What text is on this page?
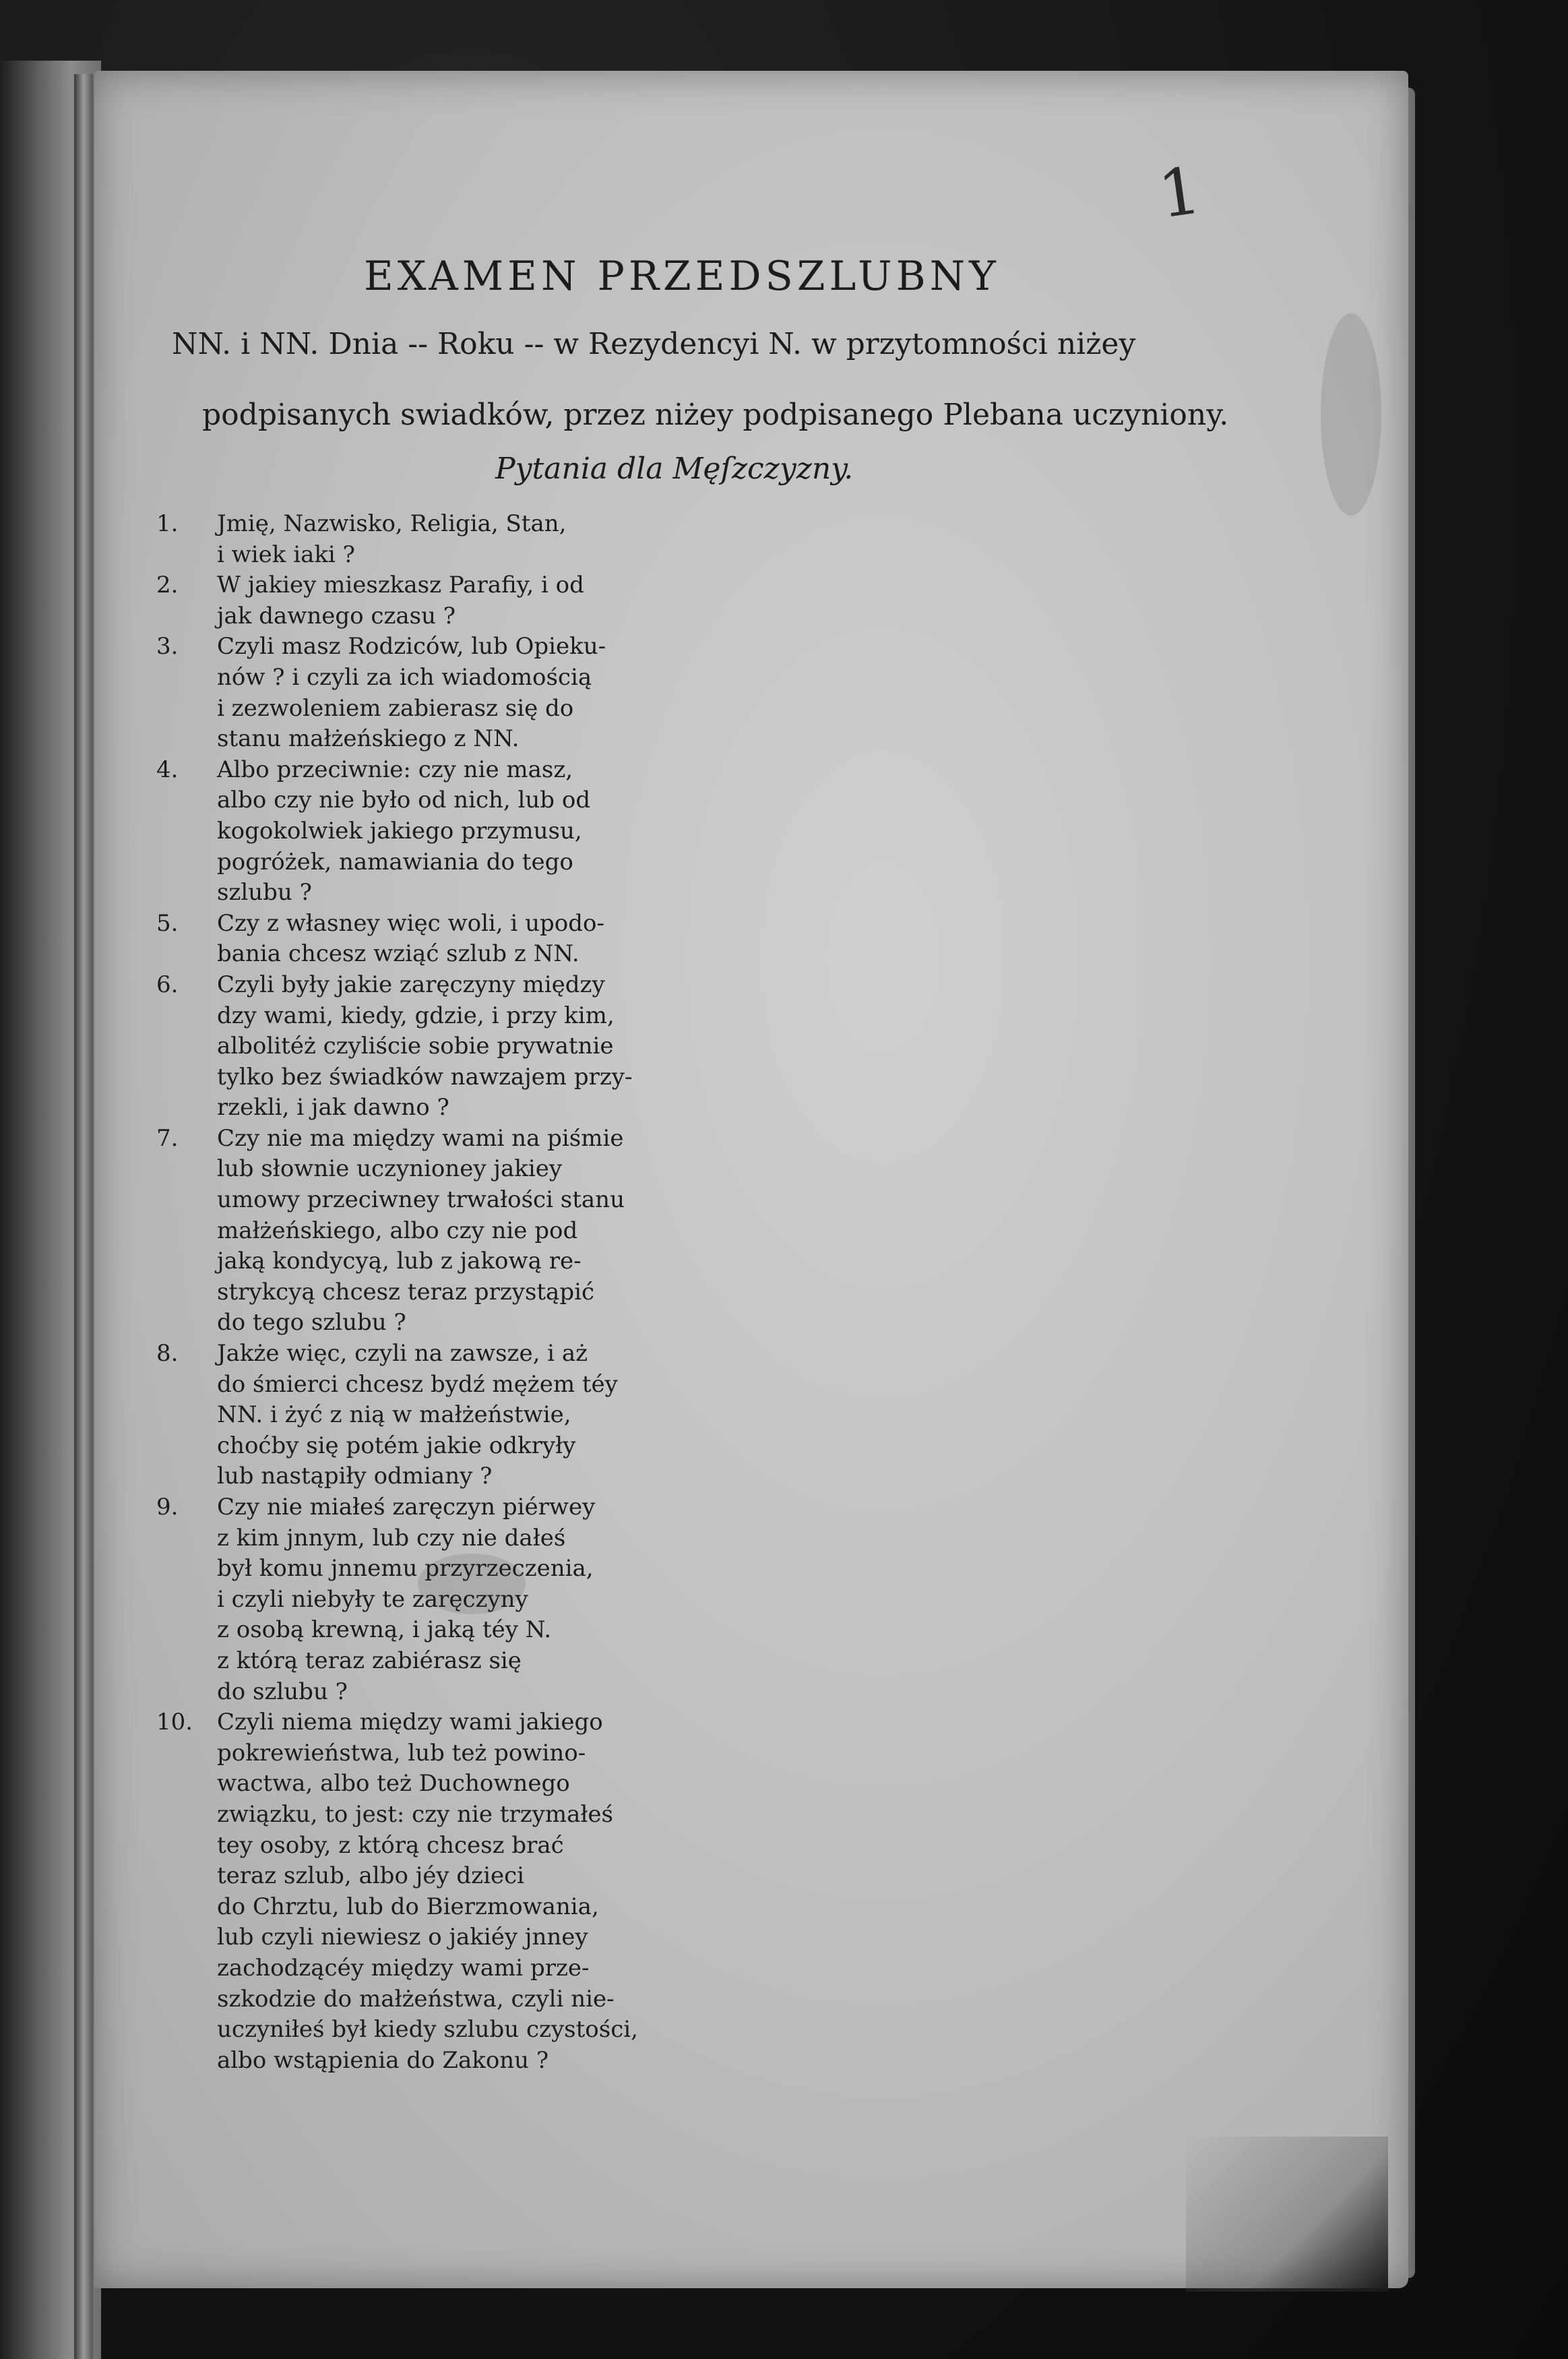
1
EXAMEN PRZEDSZLUBNY
NN. i NN. Dnia -- Roku -- w Rezydencyi N. w przytomności niżey
podpisanych swiadków, przez niżey podpisanego Plebana uczyniony.
Pytania dla Męſzczyzny.
1.	Jmię, Nazwisko, Religia, Stan,
i wiek iaki ?
2.	W jakiey mieszkasz Parafiy, i od
jak dawnego czasu ?
3.	Czyli masz Rodziców, lub Opieku-
nów ? i czyli za ich wiadomością
i zezwoleniem zabierasz się do
stanu małżeńskiego z NN.
4.	Albo przeciwnie: czy nie masz,
albo czy nie było od nich, lub od
kogokolwiek jakiego przymusu,
pogróżek, namawiania do tego
szlubu ?
5.	Czy z własney więc woli, i upodo-
bania chcesz wziąć szlub z NN.
6.	Czyli były jakie zaręczyny między
dzy wami, kiedy, gdzie, i przy kim,
albolitéż czyliście sobie prywatnie
tylko bez świadków nawzajem przy-
rzekli, i jak dawno ?
7.	Czy nie ma między wami na piśmie
lub słownie uczynioney jakiey
umowy przeciwney trwałości stanu
małżeńskiego, albo czy nie pod
jaką kondycyą, lub z jakową re-
strykcyą chcesz teraz przystąpić
do tego szlubu ?
8.	Jakże więc, czyli na zawsze, i aż
do śmierci chcesz bydź mężem téy
NN. i żyć z nią w małżeństwie,
choćby się potém jakie odkryły
lub nastąpiły odmiany ?
9.	Czy nie miałeś zaręczyn piérwey
z kim jnnym, lub czy nie dałeś
był komu jnnemu przyrzeczenia,
i czyli niebyły te zaręczyny
z osobą krewną, i jaką téy N.
z którą teraz zabiérasz się
do szlubu ?
10.	Czyli niema między wami jakiego
pokrewieństwa, lub też powino-
wactwa, albo też Duchownego
związku, to jest: czy nie trzymałeś
tey osoby, z którą chcesz brać
teraz szlub, albo jéy dzieci
do Chrztu, lub do Bierzmowania,
lub czyli niewiesz o jakiéy jnney
zachodzącéy między wami prze-
szkodzie do małżeństwa, czyli nie-
uczyniłeś był kiedy szlubu czystości,
albo wstąpienia do Zakonu ?
